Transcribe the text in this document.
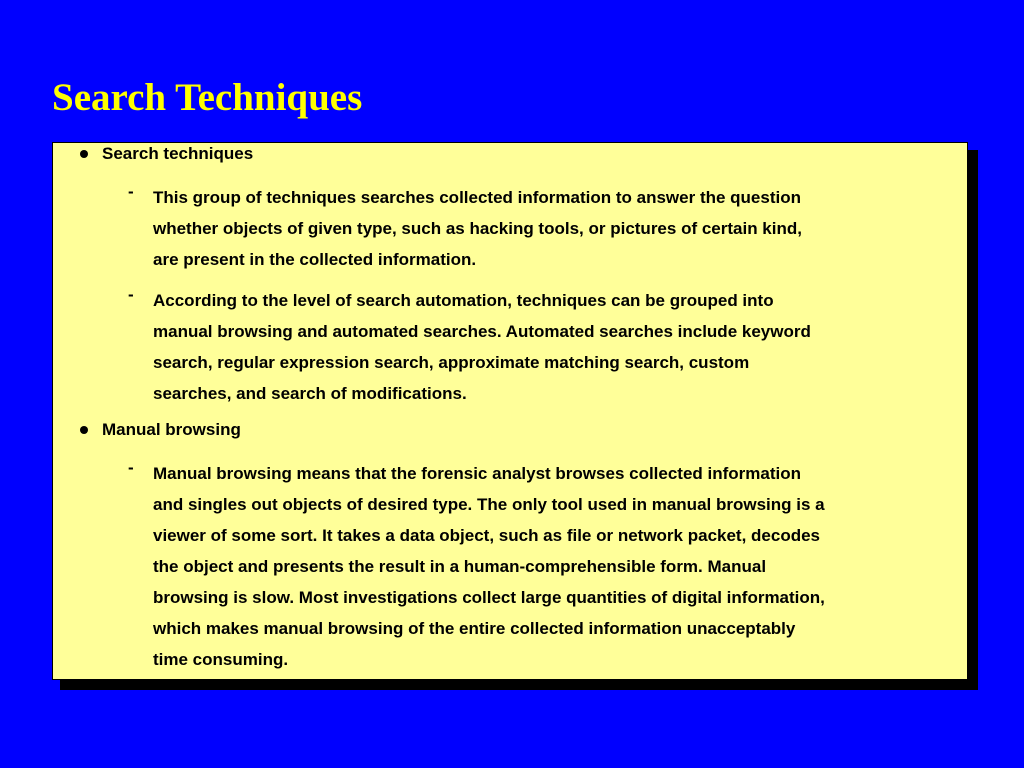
Search Techniques
Search techniques
- This group of techniques searches collected information to answer the question
whether objects of given type, such as hacking tools, or pictures of certain kind,
are present in the collected information.
- According to the level of search automation, techniques can be grouped into
manual browsing and automated searches. Automated searches include keyword
search, regular expression search, approximate matching search, custom
searches, and search of modifications.
Manual browsing
- Manual browsing means that the forensic analyst browses collected information
and singles out objects of desired type. The only tool used in manual browsing is a
viewer of some sort. It takes a data object, such as file or network packet, decodes
the object and presents the result in a human-comprehensible form. Manual
browsing is slow. Most investigations collect large quantities of digital information,
which makes manual browsing of the entire collected information unacceptably
time consuming.
